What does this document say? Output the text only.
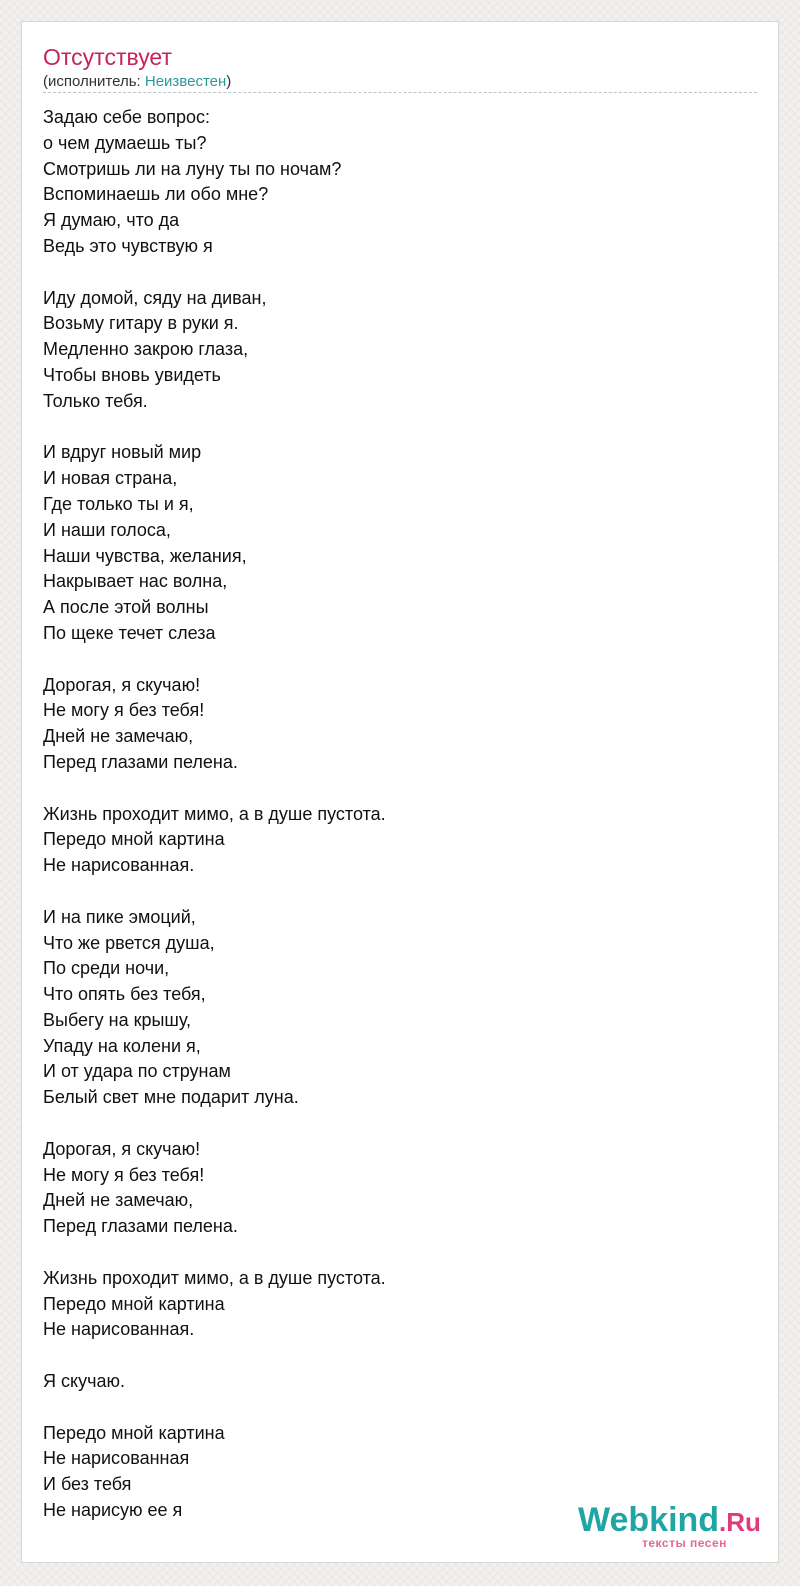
Отсутствует
(исполнитель: Неизвестен)
Задаю себе вопрос:
о чем думаешь ты?
Смотришь ли на луну ты по ночам?
Вспоминаешь ли обо мне?
Я думаю, что да
Ведь это чувствую я
Иду домой, сяду на диван,
Возьму гитару в руки я.
Медленно закрою глаза,
Чтобы вновь увидеть
Только тебя.
И вдруг новый мир
И новая страна,
Где только ты и я,
И наши голоса,
Наши чувства, желания,
Накрывает нас волна,
А после этой волны
По щеке течет слеза
Дорогая, я скучаю!
Не могу я без тебя!
Дней не замечаю,
Перед глазами пелена.
Жизнь проходит мимо, а в душе пустота.
Передо мной картина
Не нарисованная.
И на пике эмоций,
Что же рвется душа,
По среди ночи,
Что опять без тебя,
Выбегу на крышу,
Упаду на колени я,
И от удара по струнам
Белый свет мне подарит луна.
Дорогая, я скучаю!
Не могу я без тебя!
Дней не замечаю,
Перед глазами пелена.
Жизнь проходит мимо, а в душе пустота.
Передо мной картина
Не нарисованная.
Я скучаю.
Передо мной картина
Не нарисованная
И без тебя
Не нарисую ее я	Webkind.Ru
тексты песен
